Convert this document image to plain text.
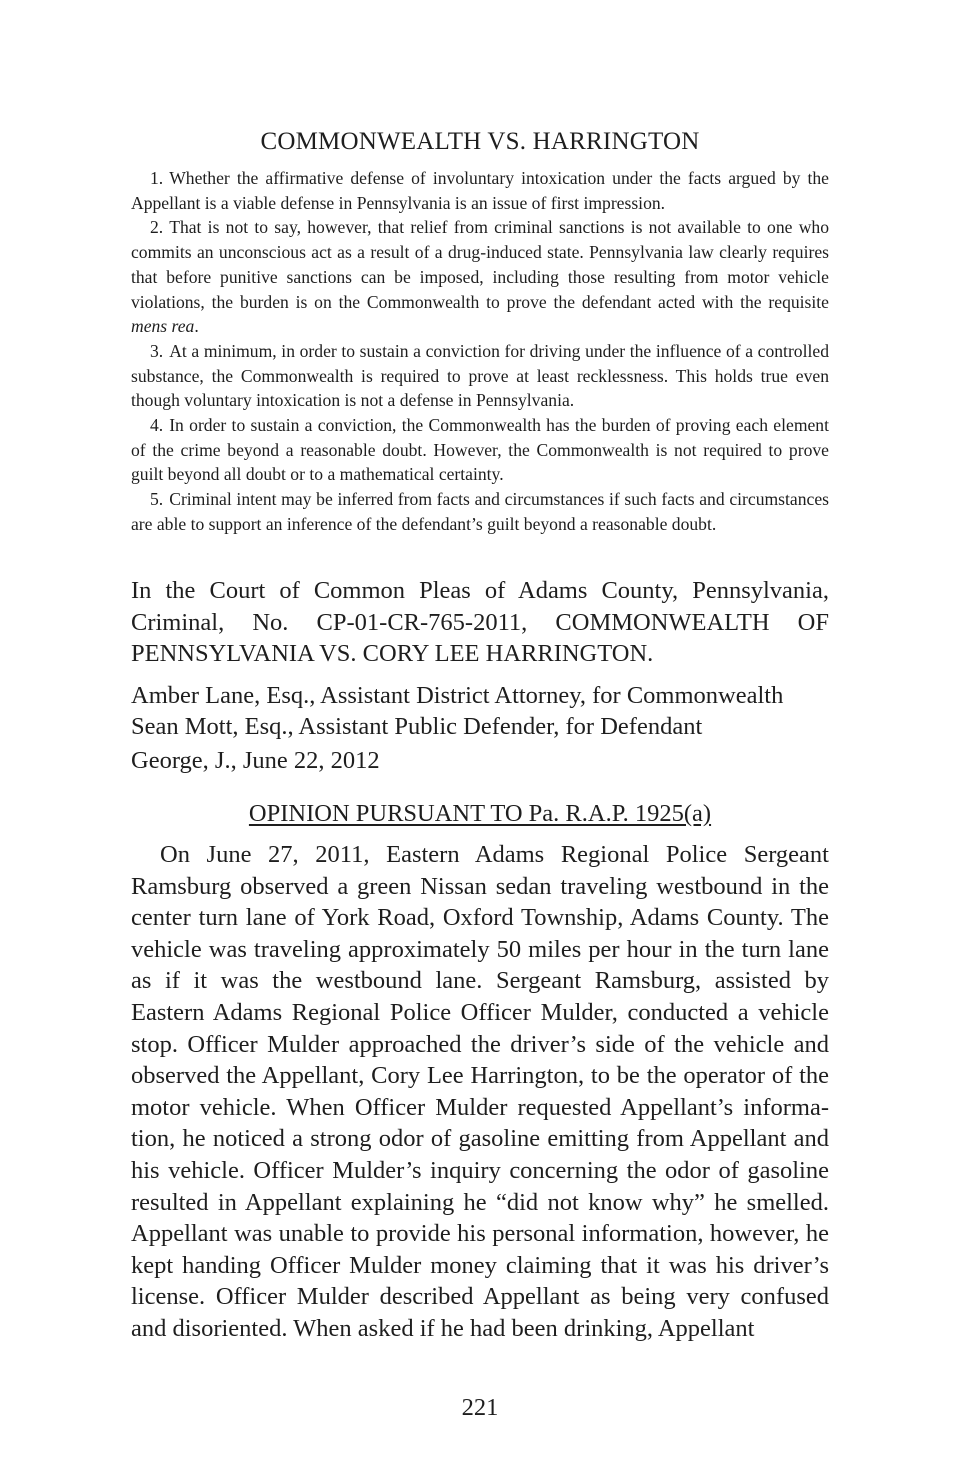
COMMONWEALTH VS. HARRINGTON

1. Whether the affirmative defense of involuntary intoxication under the facts argued by the Appellant is a viable defense in Pennsylvania is an issue of first impression.

2. That is not to say, however, that relief from criminal sanctions is not available to one who commits an unconscious act as a result of a drug-induced state. Pennsylvania law clearly requires that before punitive sanctions can be imposed, including those resulting from motor vehicle violations, the burden is on the Commonwealth to prove the defendant acted with the requisite mens rea.

3. At a minimum, in order to sustain a conviction for driving under the influence of a controlled substance, the Commonwealth is required to prove at least recklessness. This holds true even though voluntary intoxication is not a defense in Pennsylvania.

4. In order to sustain a conviction, the Commonwealth has the burden of proving each element of the crime beyond a reasonable doubt. However, the Commonwealth is not required to prove guilt beyond all doubt or to a mathematical certainty.

5. Criminal intent may be inferred from facts and circumstances if such facts and circumstances are able to support an inference of the defendant’s guilt beyond a reasonable doubt.

In the Court of Common Pleas of Adams County, Pennsylvania, Criminal, No. CP-01-CR-765-2011, COMMONWEALTH OF PENNSYLVANIA VS. CORY LEE HARRINGTON.

Amber Lane, Esq., Assistant District Attorney, for Commonwealth
Sean Mott, Esq., Assistant Public Defender, for Defendant
George, J., June 22, 2012
OPINION PURSUANT TO Pa. R.A.P. 1925(a)

On June 27, 2011, Eastern Adams Regional Police Sergeant Ramsburg observed a green Nissan sedan traveling westbound in the center turn lane of York Road, Oxford Township, Adams County. The vehicle was traveling approximately 50 miles per hour in the turn lane as if it was the westbound lane. Sergeant Ramsburg, assisted by Eastern Adams Regional Police Officer Mulder, conducted a vehicle stop. Officer Mulder approached the driver’s side of the vehicle and observed the Appellant, Cory Lee Harrington, to be the operator of the motor vehicle. When Officer Mulder requested Appellant’s information, he noticed a strong odor of gasoline emitting from Appellant and his vehicle. Officer Mulder’s inquiry concerning the odor of gasoline resulted in Appellant explaining he “did not know why” he smelled. Appellant was unable to provide his personal information, however, he kept handing Officer Mulder money claiming that it was his driver’s license. Officer Mulder described Appellant as being very confused and disoriented. When asked if he had been drinking, Appellant

221
